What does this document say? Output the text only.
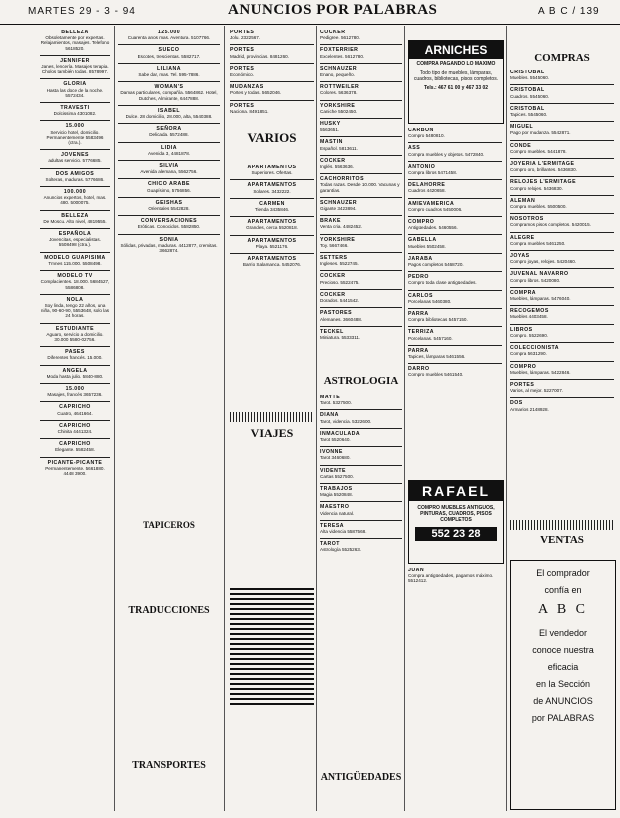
MARTES 29 - 3 - 94	ANUNCIOS POR PALABRAS	A B C / 139
BELLEZA
Obsoletamente por expertas. Relajamientos, masajes. Telefono 5618520.
JENNIFER
Janes, lencería. Masajes terapia. Cholos también todas. 8578997.
GLORIA
Hasta las doce de la noche. 5572434.
TRAVESTI
Dolcissima 4301082.
15.000
Servicio hotel, domicilio. Permanentemente 5583496 (ctra.).
JOVENES
adultas servicio. 5776685.
DOS AMIGOS
Solteras, maduras. 5776686.
100.000
Anuncios expertos, hotel, mas. 480. 5000075.
BELLEZA
De Moscu. Alto nivel, 4819555.
ESPAÑOLA
Jovencitas, especialistas. 5508498 (ctra.).
MODELO GUAPISIMA
Tmnes 115.000. 5508498.
MODELO TV
Complacientes. 18.000. 5684527, 5586808.
NOLA
Soy linda, tengo 22 años, una niña, 90-60-90, 5553648, solo las 24 horas.
ESTUDIANTE
Aguaro, servicio a domicilio. 30.000 5580-02756.
PASES
Diferentes francés. 15.000.
ANGELA
Moda hasta julio. 5840-880.
15.000
Masajes, francés 3657236.
CAPRICHO
Cuatro, 4641664.
CAPRICHO
Chinita 4441324.
CAPRICHO
Elegante. 5582458.
PICANTE-PICANTE
Permanentemente. 5661880. 4448 3900.
125.000
Cuarenta anos mas. Aventura. 5107766.
SUECO
Escotes, trescientas. 5582717.
LILIANA
Sabe dar, mas. Tel. 595-7886.
WOMAN'S
Damas particulares, compañía. 5564862. Hotel, Dutches, Almirante, 6447888.
ISABEL
Dulce. 28 domicilio, 28.000, alta, 5540388.
SEÑORA
Delicada. 5572488.
LIDIA
Avenida 3, 4481878.
SILVIA
Avenida alemana, 5562756.
CHICO ARABE
Guapísimo, 5756856.
GEISHAS
Orientales 5542828.
CONVERSACIONES
Eróticas. Conocidos. 5582850.
SONIA
Sólidas, privadas, maduras. 4412877, cremitas. 3662874.
PORTES
Jolu. 2322567.
PORTES
Madrid, provincias. 8481260.
PORTES
Económico.
MUDANZAS
Portes y todas. 5652046.
PORTES
Naciona. 8491851.
VARIOS
APARTAMENTOS
Superiores. Ofertas.
APARTAMENTOS
Solares. 3432222.
CARMEN
Tienda 3435846.
APARTAMENTOS
Grandes, cerca 5520818.
APARTAMENTOS
Playa. 5521176.
APARTAMENTOS
Barrio Salamanca. 5452076.
VIAJES
TAPICEROS
TRADUCCIONES
TRANSPORTES
COCKER
Pedigree. 5612780.
FOXTERRIER
Excelentes. 5612780.
SCHNAUZER
Enano, pequeño.
ROTTWEILER
Colores. 5636378.
YORKSHIRE
Caniche 5502450.
HUSKY
5563651.
MASTIN
Español. 5813611.
COCKER
Inglés. 5563636.
CACHORRITOS
Todas razas. Desde 10.000. Vacunas y garantías.
SCHNAUZER
Gigante 3423894.
BRAKE
Venta cria. 4482452.
YORKSHIRE
Toy. 5667466.
SETTERS
Ingleses. 5522745.
COCKER
Precioso. 5522475.
COCKER
Dorados. 5441542.
PASTORES
Alemanes. 3660488.
TECKEL
Miniatura. 5533311.
ASTROLOGIA
MAYTE
Tarot. 5327500.
DIANA
Tarot, videncia. 5322600.
INMACULADA
Tarot 5520640.
IVONNE
Tarot 3460680.
VIDENTE
Cartas 5527500.
TRABAJOS
Magia 5520848.
MAESTRO
Videncia natural.
TERESA
Alta videncia 5587568.
TAROT
Astrología 5525263.
ANTIGÜEDADES
ARNICHES
COMPRA PAGANDO LO MAXIMO
Todo tipo de muebles, lámparas, cuadros, bibliotecas, pisos completos.
Tels.: 467 61 00 y 467 33 02
CARBON
Compro 5480810.
ASS
Compra muebles y objetos. 5472840.
ANTONIO
Compra libros 5471458.
DELAHORRE
Cuadros 4420658.
AMIEVAMERICA
Compro cuadros 5450006.
COMPRO
Antigüedades. 5460556.
GABELLA
Muebles 5502458.
JARABA
Pagos completos 5468720.
PEDRO
Compro toda clase antigüedades.
CARLOS
Porcelanas 5460380.
PARRA
Compra bibliotecas 5457150.
TERRIZA
Porcelanas. 5457160.
PARRA
Tapices, lámparas 5461556.
DARRO
Compro muebles 5461540.
RAFAEL
COMPRO MUEBLES ANTIGUOS, PINTURAS, CUADROS, PISOS COMPLETOS
552 23 28
JUAN
Compra antigüedades, pagamos máximo. 5512412.
COMPRAS
CRISTOBAL
Muebles. 5545060.
CRISTOBAL
Cuadros. 5545060.
CRISTOBAL
Tapices. 5545060.
MIGUEL
Pago por mudanza. 5542871.
CONDE
Compro muebles. 5441878.
JOYERIA L'ERMITAGE
Compro oro, brillantes. 5436830.
RELOJES L'ERMITAGE
Compro relojes. 5436830.
ALEMAN
Compra muebles. 5500500.
NOSOTROS
Compramos pisos completos. 5420015.
ALEGRE
Compra muebles 5461250.
JOYAS
Compro joyas, relojes. 5420460.
JUVENAL NAVARRO
Compro libros. 5420080.
COMPRA
Muebles, lámparas. 5476040.
RECOGEMOS
Muebles 4403458.
LIBROS
Compro. 5522690.
COLECCIONISTA
Compra 5631290.
COMPRO
Muebles, lámparas. 5422846.
PORTES
Varios, al mejor. 5227007.
DOS
Armarios 2148928.
VENTAS
El comprador
confía en
A B C
El vendedor
conoce nuestra
eficacia
en la Sección
de ANUNCIOS
por PALABRAS
